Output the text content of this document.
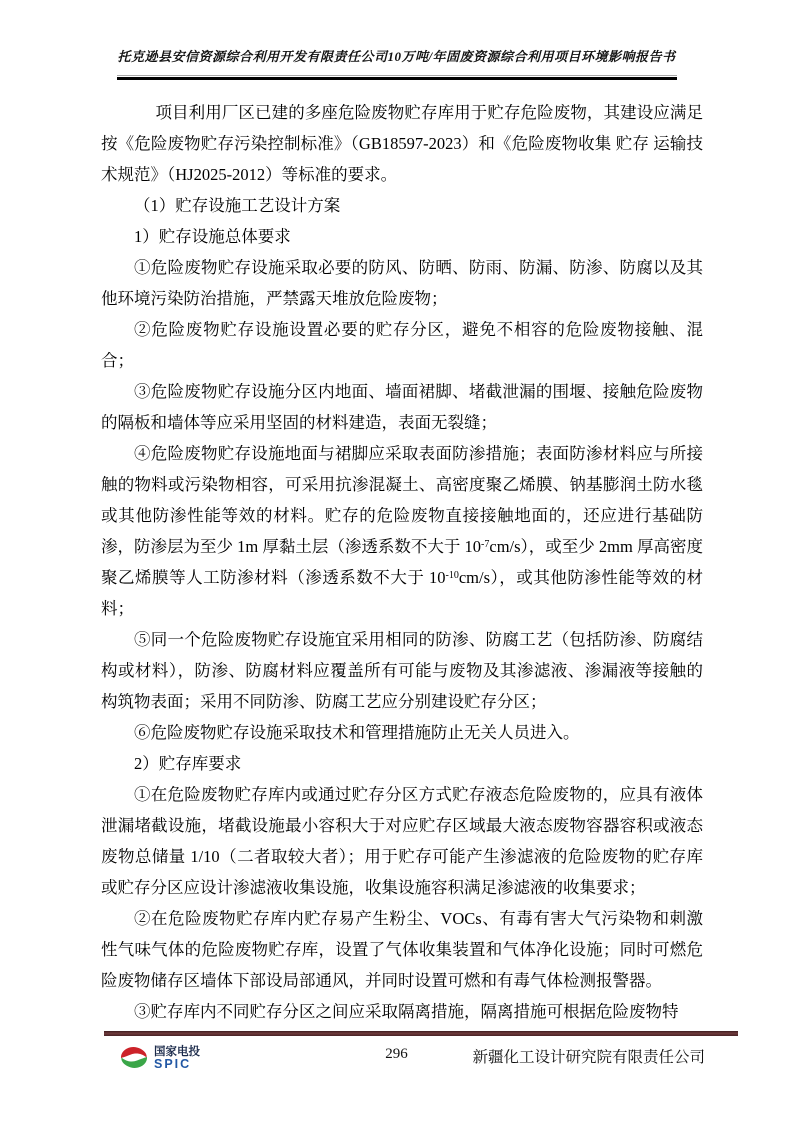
托克逊县安信资源综合利用开发有限责任公司10万吨/年固废资源综合利用项目环境影响报告书

项目利用厂区已建的多座危险废物贮存库用于贮存危险废物，其建设应满足按《危险废物贮存污染控制标准》（GB18597-2023）和《危险废物收集 贮存 运输技术规范》（HJ2025-2012）等标准的要求。

（1）贮存设施工艺设计方案

1）贮存设施总体要求

①危险废物贮存设施采取必要的防风、防晒、防雨、防漏、防渗、防腐以及其他环境污染防治措施，严禁露天堆放危险废物；

②危险废物贮存设施设置必要的贮存分区，避免不相容的危险废物接触、混合；

③危险废物贮存设施分区内地面、墙面裙脚、堵截泄漏的围堰、接触危险废物的隔板和墙体等应采用坚固的材料建造，表面无裂缝；

④危险废物贮存设施地面与裙脚应采取表面防渗措施；表面防渗材料应与所接触的物料或污染物相容，可采用抗渗混凝土、高密度聚乙烯膜、钠基膨润土防水毯或其他防渗性能等效的材料。贮存的危险废物直接接触地面的，还应进行基础防渗，防渗层为至少 1m 厚黏土层（渗透系数不大于 $10^{-7}cm/s$），或至少 2mm 厚高密度聚乙烯膜等人工防渗材料（渗透系数不大于 $10^{-10}cm/s$），或其他防渗性能等效的材料；

⑤同一个危险废物贮存设施宜采用相同的防渗、防腐工艺（包括防渗、防腐结构或材料），防渗、防腐材料应覆盖所有可能与废物及其渗滤液、渗漏液等接触的构筑物表面；采用不同防渗、防腐工艺应分别建设贮存分区；

⑥危险废物贮存设施采取技术和管理措施防止无关人员进入。

2）贮存库要求

①在危险废物贮存库内或通过贮存分区方式贮存液态危险废物的，应具有液体泄漏堵截设施，堵截设施最小容积大于对应贮存区域最大液态废物容器容积或液态废物总储量 1/10（二者取较大者）；用于贮存可能产生渗滤液的危险废物的贮存库或贮存分区应设计渗滤液收集设施，收集设施容积满足渗滤液的收集要求；

②在危险废物贮存库内贮存易产生粉尘、VOCs、有毒有害大气污染物和刺激性气味气体的危险废物贮存库，设置了气体收集装置和气体净化设施；同时可燃危险废物储存区墙体下部设局部通风，并同时设置可燃和有毒气体检测报警器。

③贮存库内不同贮存分区之间应采取隔离措施，隔离措施可根据危险废物特

国家电投
SPIC
296	新疆化工设计研究院有限责任公司
